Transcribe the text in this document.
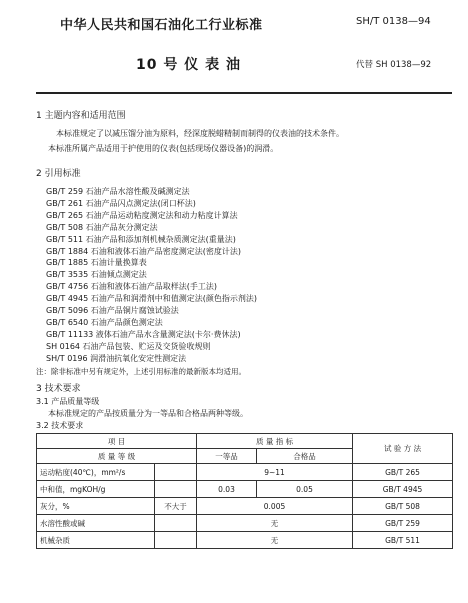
中华人民共和国石油化工行业标准	SH/T 0138—94
10 号 仪 表 油	代替 SH 0138—92
1 主题内容和适用范围
本标准规定了以减压馏分油为原料，经深度脱蜡精制而制得的仪表油的技术条件。
本标准所属产品适用于护使用的仪表(包括现场仪器设备)的润滑。
2 引用标准
GB/T 259 石油产品水溶性酸及碱测定法
GB/T 261 石油产品闪点测定法(闭口杯法)
GB/T 265 石油产品运动粘度测定法和动力粘度计算法
GB/T 508 石油产品灰分测定法
GB/T 511 石油产品和添加剂机械杂质测定法(重量法)
GB/T 1884 石油和液体石油产品密度测定法(密度计法)
GB/T 1885 石油计量换算表
GB/T 3535 石油倾点测定法
GB/T 4756 石油和液体石油产品取样法(手工法)
GB/T 4945 石油产品和润滑剂中和值测定法(颜色指示剂法)
GB/T 5096 石油产品铜片腐蚀试验法
GB/T 6540 石油产品颜色测定法
GB/T 11133 液体石油产品水含量测定法(卡尔·费休法)
SH 0164 石油产品包装、贮运及交货验收规则
SH/T 0196 润滑油抗氧化安定性测定法
注：除非标准中另有规定外，上述引用标准的最新版本均适用。
3 技术要求
3.1 产品质量等级
本标准规定的产品按质量分为一等品和合格品两种等级。
3.2 技术要求
项 目		质 量 指 标		试 验 方 法
质 量 等 级		一等品	合格品	
运动粘度(40℃)，mm²/s		9~11		GB/T 265
中和值，mgKOH/g		0.03	0.05	GB/T 4945
灰分，%	不大于	0.005		GB/T 508
水溶性酸或碱		无		GB/T 259
机械杂质		无		GB/T 511
